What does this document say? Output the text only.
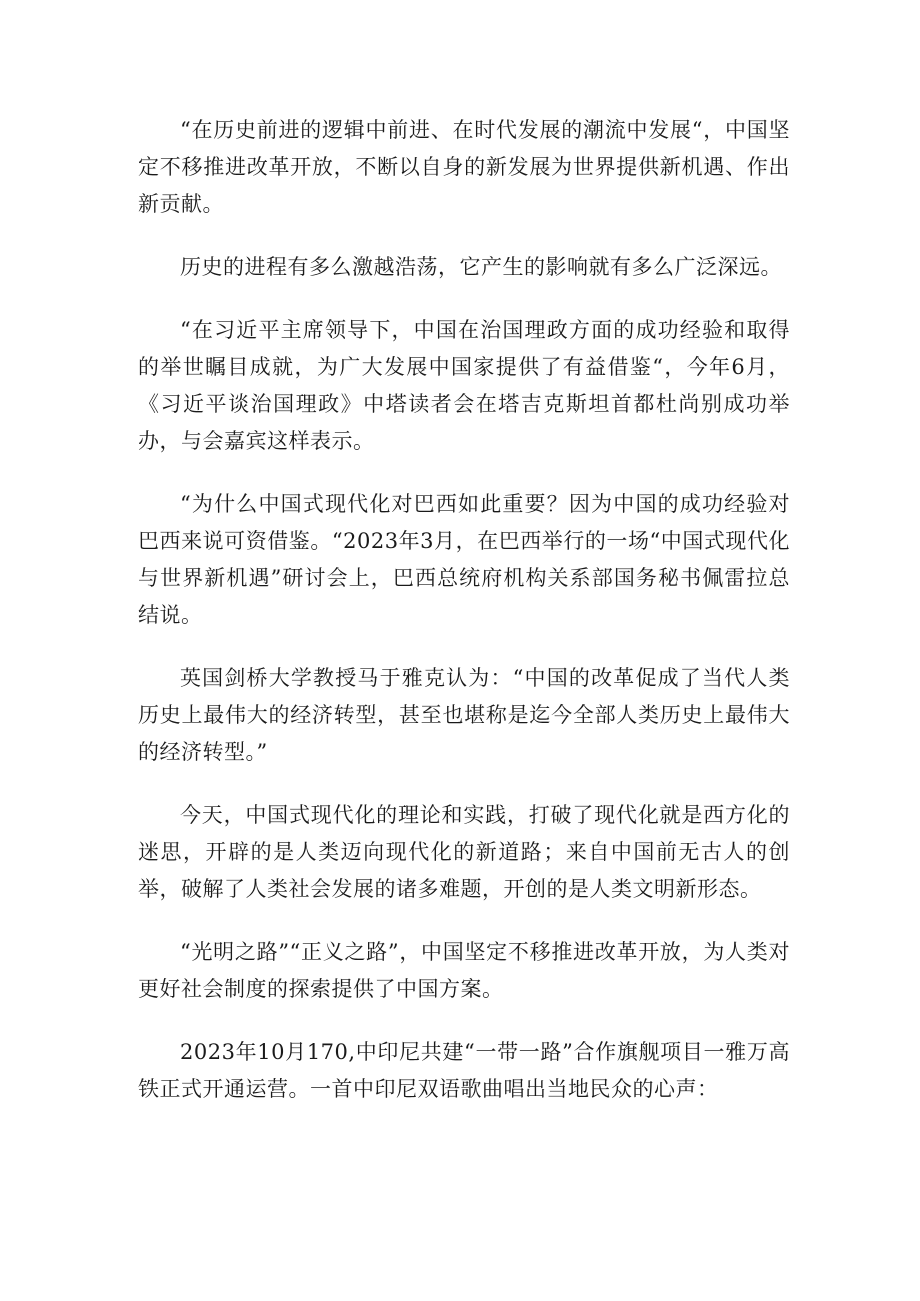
“在历史前进的逻辑中前进、在时代发展的潮流中发展“，中国坚定不移推进改革开放，不断以自身的新发展为世界提供新机遇、作出新贡献。

历史的进程有多么激越浩荡，它产生的影响就有多么广泛深远。

“在习近平主席领导下，中国在治国理政方面的成功经验和取得的举世瞩目成就，为广大发展中国家提供了有益借鉴“，今年6月，《习近平谈治国理政》中塔读者会在塔吉克斯坦首都杜尚别成功举办，与会嘉宾这样表示。

“为什么中国式现代化对巴西如此重要？因为中国的成功经验对巴西来说可资借鉴。“2023年3月，在巴西举行的一场“中国式现代化与世界新机遇”研讨会上，巴西总统府机构关系部国务秘书佩雷拉总结说。

英国剑桥大学教授马于雅克认为：“中国的改革促成了当代人类历史上最伟大的经济转型，甚至也堪称是迄今全部人类历史上最伟大的经济转型。”

今天，中国式现代化的理论和实践，打破了现代化就是西方化的迷思，开辟的是人类迈向现代化的新道路；来自中国前无古人的创举，破解了人类社会发展的诸多难题，开创的是人类文明新形态。

“光明之路”“正义之路”，中国坚定不移推进改革开放，为人类对更好社会制度的探索提供了中国方案。

2023年10月170,中印尼共建“一带一路”合作旗舰项目一雅万高铁正式开通运营。一首中印尼双语歌曲唱出当地民众的心声：
